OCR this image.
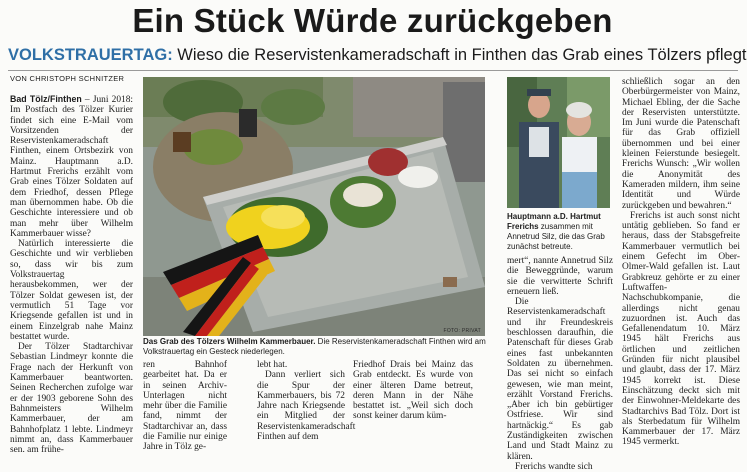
Ein Stück Würde zurückgeben
VOLKSTRAUERTAG: Wieso die Reservistenkameradschaft in Finthen das Grab eines Tölzers pflegt
VON CHRISTOPH SCHNITZER

Bad Tölz/Finthen – Juni 2018: Im Postfach des Tölzer Kurier findet sich eine E-Mail vom Vorsitzenden der Reservistenkameradschaft Finthen, einem Ortsbezirk von Mainz. Hauptmann a.D. Hartmut Frerichs erzählt vom Grab eines Tölzer Soldaten auf dem Friedhof, dessen Pflege man übernommen habe. Ob die Geschichte interessiere und ob man mehr über Wilhelm Kammerbauer wisse?

Natürlich interessierte die Geschichte und wir verblieben so, dass wir bis zum Volkstrauertag herausbekommen, wer der Tölzer Soldat gewesen ist, der vermutlich 51 Tage vor Kriegsende gefallen ist und in einem Einzelgrab nahe Mainz bestattet wurde.

Der Tölzer Stadtarchivar Sebastian Lindmeyr konnte die Frage nach der Herkunft von Kammerbauer beantworten. Seinen Recherchen zufolge war er der 1903 geborene Sohn des Bahnmeisters Wilhelm Kammerbauer, der am Bahnhofplatz 1 lebte. Lindmeyr nimmt an, dass Kammerbauer sen. am frühe-

FOTO: PRIVAT
Das Grab des Tölzers Wilhelm Kammerbauer. Die Reservistenkameradschaft Finthen wird am Volkstrauertag ein Gesteck niederlegen.
Hauptmann a.D. Hartmut Frerichs zusammen mit Annetrud Silz, die das Grab zunächst betreute.

ren Bahnhof gearbeitet hat. Da er in seinen Archiv-Unterlagen nicht mehr über die Familie fand, nimmt der Stadtarchivar an, dass die Familie nur einige Jahre in Tölz ge-

lebt hat.

Dann verliert sich die Spur der Kammerbauers, bis 72 Jahre nach Kriegsende ein Mitglied der Reservistenkameradschaft Finthen auf dem

Friedhof Drais bei Mainz das Grab entdeckt. Es wurde von einer älteren Dame betreut, deren Mann in der Nähe bestattet ist. „Weil sich doch sonst keiner darum küm-

mert“, nannte Annetrud Silz die Beweggründe, warum sie die verwitterte Schrift erneuern ließ.

Die Reservistenkameradschaft und ihr Freundeskreis beschlossen daraufhin, die Patenschaft für dieses Grab eines fast unbekannten Soldaten zu übernehmen. Das sei nicht so einfach gewesen, wie man meint, erzählt Vorstand Frerichs. „Aber ich bin gebürtiger Ostfriese. Wir sind hartnäckig.“ Es gab Zuständigkeiten zwischen Land und Stadt Mainz zu klären.

Frerichs wandte sich

schließlich sogar an den Oberbürgermeister von Mainz, Michael Ebling, der die Sache der Reservisten unterstützte. Im Juni wurde die Patenschaft für das Grab offiziell übernommen und bei einer kleinen Feierstunde besiegelt. Frerichs Wunsch: „Wir wollen die Anonymität des Kameraden mildern, ihm seine Identität und Würde zurückgeben und bewahren.“

Frerichs ist auch sonst nicht untätig geblieben. So fand er heraus, dass der Stabsgefreite Kammerbauer vermutlich bei einem Gefecht im Ober-Olmer-Wald gefallen ist. Laut Grabkreuz gehörte er zu einer Luftwaffen-Nachschubkompanie, die allerdings nicht genau zuzuordnen ist. Auch das Gefallenendatum 10. März 1945 hält Frerichs aus örtlichen und zeitlichen Gründen für nicht plausibel und glaubt, dass der 17. März 1945 korrekt ist. Diese Einschätzung deckt sich mit der Einwohner-Meldekarte des Stadtarchivs Bad Tölz. Dort ist als Sterbedatum für Wilhelm Kammerbauer der 17. März 1945 vermerkt.
